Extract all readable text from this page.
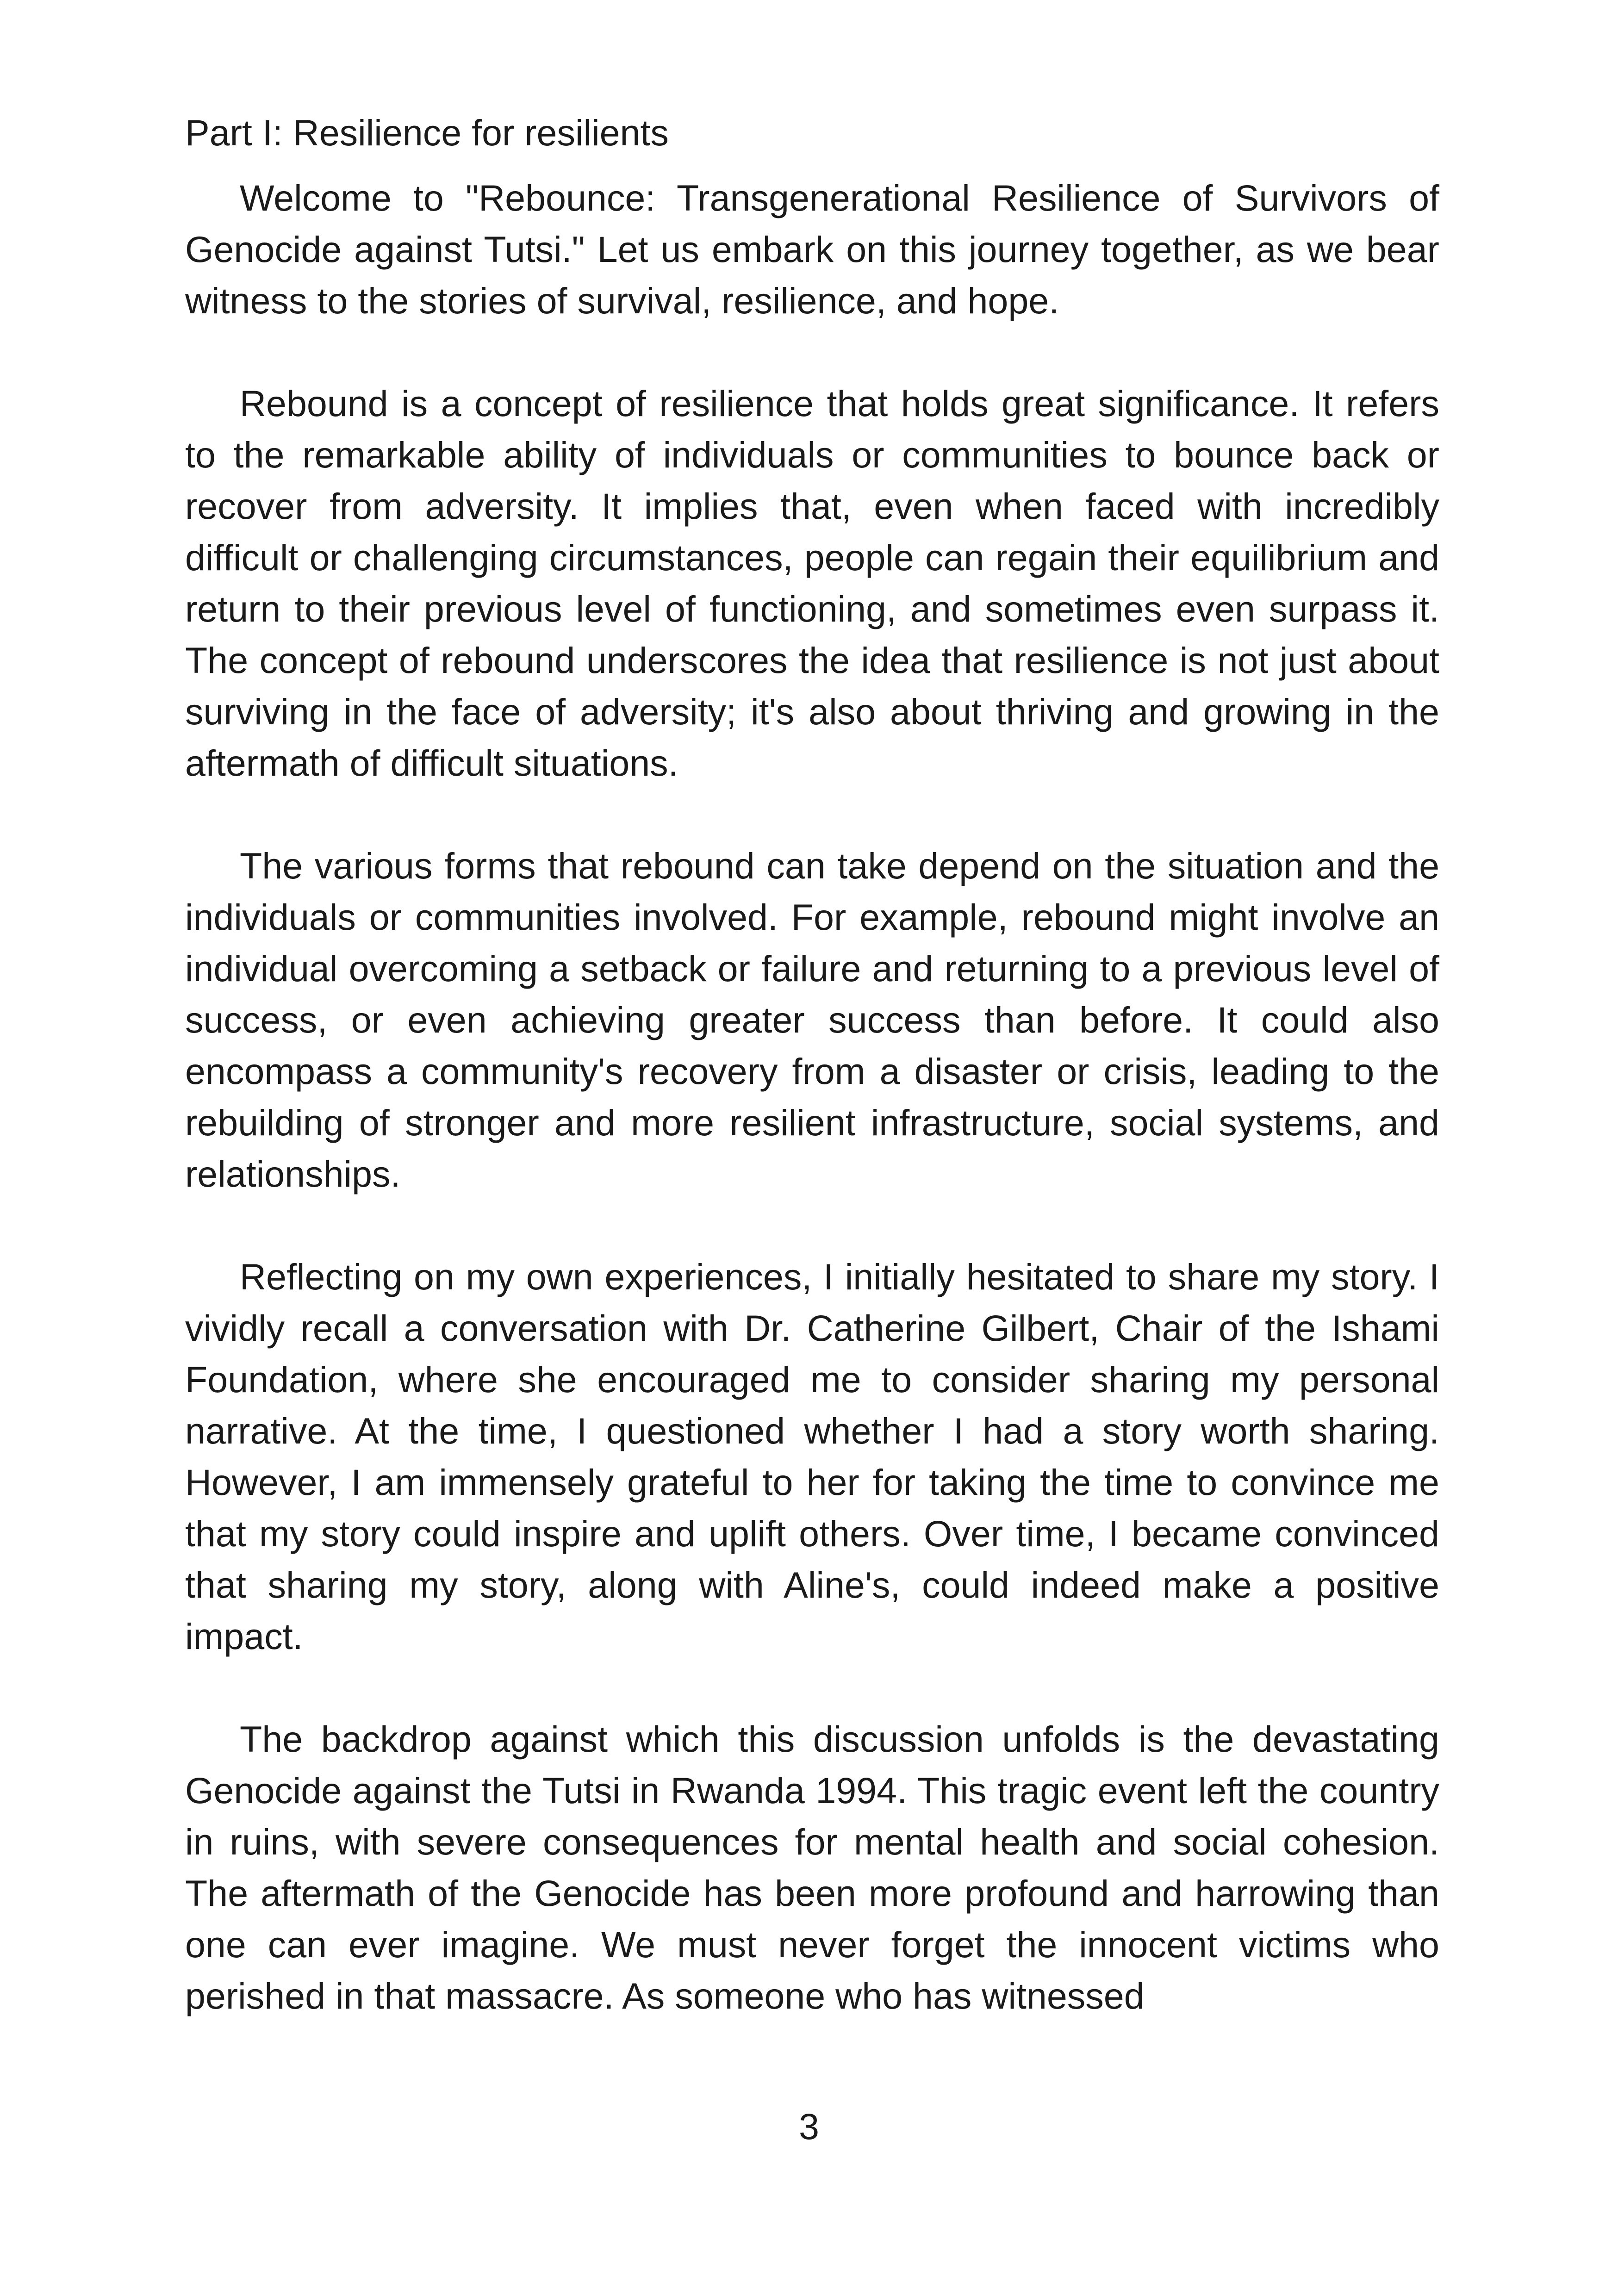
Part I: Resilience for resilients

Welcome to "Rebounce: Transgenerational Resilience of Survivors of Genocide against Tutsi." Let us embark on this journey together, as we bear witness to the stories of survival, resilience, and hope.

Rebound is a concept of resilience that holds great significance. It refers to the remarkable ability of individuals or communities to bounce back or recover from adversity. It implies that, even when faced with incredibly difficult or challenging circumstances, people can regain their equilibrium and return to their previous level of functioning, and sometimes even surpass it. The concept of rebound underscores the idea that resilience is not just about surviving in the face of adversity; it's also about thriving and growing in the aftermath of difficult situations.

The various forms that rebound can take depend on the situation and the individuals or communities involved. For example, rebound might involve an individual overcoming a setback or failure and returning to a previous level of success, or even achieving greater success than before. It could also encompass a community's recovery from a disaster or crisis, leading to the rebuilding of stronger and more resilient infrastructure, social systems, and relationships.

Reflecting on my own experiences, I initially hesitated to share my story. I vividly recall a conversation with Dr. Catherine Gilbert, Chair of the Ishami Foundation, where she encouraged me to consider sharing my personal narrative. At the time, I questioned whether I had a story worth sharing. However, I am immensely grateful to her for taking the time to convince me that my story could inspire and uplift others. Over time, I became convinced that sharing my story, along with Aline's, could indeed make a positive impact.

The backdrop against which this discussion unfolds is the devastating Genocide against the Tutsi in Rwanda 1994. This tragic event left the country in ruins, with severe consequences for mental health and social cohesion. The aftermath of the Genocide has been more profound and harrowing than one can ever imagine. We must never forget the innocent victims who perished in that massacre. As someone who has witnessed

3
